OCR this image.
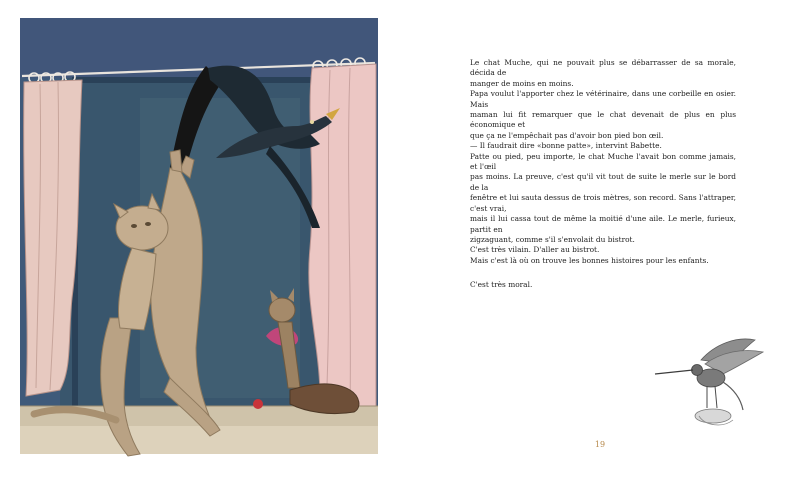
Le chat Muche, qui ne pouvait plus se débarrasser de sa morale, décida de

manger de moins en moins.

Papa voulut l'apporter chez le vétérinaire, dans une corbeille en osier. Mais

maman lui fit remarquer que le chat devenait de plus en plus économique et

que ça ne l'empêchait pas d'avoir bon pied bon œil.

— Il faudrait dire «bonne patte», intervint Babette.

Patte ou pied, peu importe, le chat Muche l'avait bon comme jamais, et l'œil

pas moins. La preuve, c'est qu'il vit tout de suite le merle sur le bord de la

fenêtre et lui sauta dessus de trois mètres, son record. Sans l'attraper, c'est vrai,

mais il lui cassa tout de même la moitié d'une aile. Le merle, furieux, partit en

zigzaguant, comme s'il s'envolait du bistrot.

C'est très vilain. D'aller au bistrot.

Mais c'est là où on trouve les bonnes histoires pour les enfants.

C'est très moral.

19
